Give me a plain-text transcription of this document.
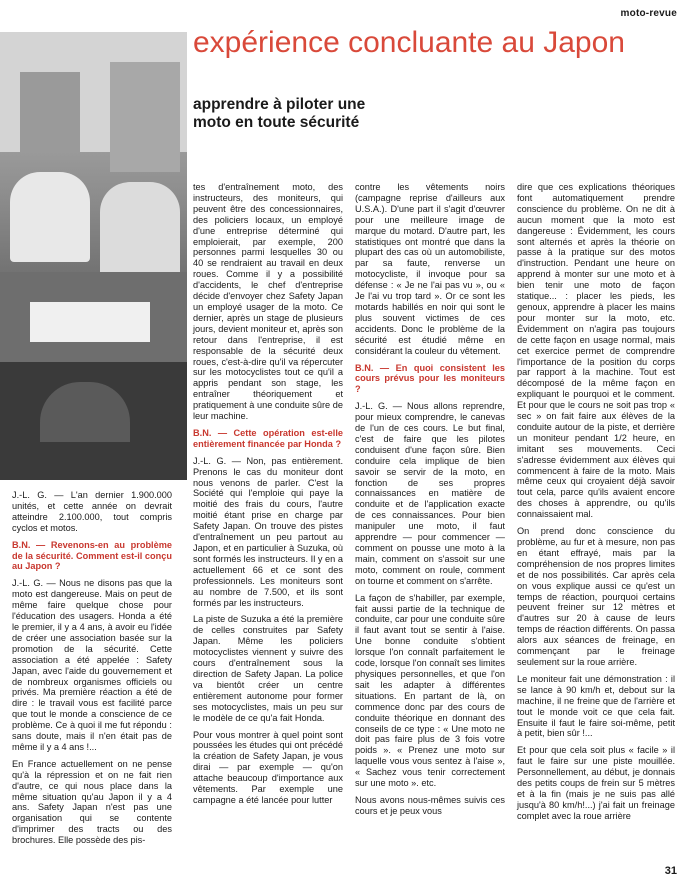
moto-revue
expérience concluante au Japon
apprendre à piloter une moto en toute sécurité

J.-L. G. — L'an dernier 1.900.000 unités, et cette année on devrait atteindre 2.100.000, tout compris cyclos et motos.

B.N. — Revenons-en au problème de la sécurité. Comment est-il conçu au Japon ?

J.-L. G. — Nous ne disons pas que la moto est dangereuse. Mais on peut de même faire quelque chose pour l'éducation des usagers. Honda a été le premier, il y a 4 ans, à avoir eu l'idée de créer une association basée sur la promotion de la sécurité. Cette association a été appelée : Safety Japan, avec l'aide du gouvernement et de nombreux organismes officiels ou privés. Ma première réaction a été de dire : le travail vous est facilité parce que tout le monde a conscience de ce problème. Ce à quoi il me fut répondu : sans doute, mais il n'en était pas de même il y a 4 ans !...

En France actuellement on ne pense qu'à la répression et on ne fait rien d'autre, ce qui nous place dans la même situation qu'au Japon il y a 4 ans. Safety Japan n'est pas une organisation qui se contente d'imprimer des tracts ou des brochures. Elle possède des pis-

tes d'entraînement moto, des instructeurs, des moniteurs, qui peuvent être des concessionnaires, des policiers locaux, un employé d'une entreprise déterminé qui emploierait, par exemple, 200 personnes parmi lesquelles 30 ou 40 se rendraient au travail en deux roues. Comme il y a possibilité d'accidents, le chef d'entreprise décide d'envoyer chez Safety Japan un employé usager de la moto. Ce dernier, après un stage de plusieurs jours, devient moniteur et, après son retour dans l'entreprise, il est responsable de la sécurité deux roues, c'est-à-dire qu'il va répercuter sur les motocyclistes tout ce qu'il a appris pendant son stage, les entraîner théoriquement et pratiquement à une conduite sûre de leur machine.

B.N. — Cette opération est-elle entièrement financée par Honda ?

J.-L. G. — Non, pas entièrement. Prenons le cas du moniteur dont nous venons de parler. C'est la Société qui l'emploie qui paye la moitié des frais du cours, l'autre moitié étant prise en charge par Safety Japan. On trouve des pistes d'entraînement un peu partout au Japon, et en particulier à Suzuka, où sont formés les instructeurs. Il y en a actuellement 66 et ce sont des professionnels. Les moniteurs sont au nombre de 7.500, et ils sont formés par les instructeurs.

La piste de Suzuka a été la première de celles construites par Safety Japan. Même les policiers motocyclistes viennent y suivre des cours d'entraînement sous la direction de Safety Japan. La police va bientôt créer un centre entièrement autonome pour former ses motocyclistes, mais un peu sur le modèle de ce qu'a fait Honda.

Pour vous montrer à quel point sont poussées les études qui ont précédé la création de Safety Japan, je vous dirai — par exemple — qu'on attache beaucoup d'importance aux vêtements. Par exemple une campagne a été lancée pour lutter

contre les vêtements noirs (campagne reprise d'ailleurs aux U.S.A.). D'une part il s'agit d'œuvrer pour une meilleure image de marque du motard. D'autre part, les statistiques ont montré que dans la plupart des cas où un automobiliste, par sa faute, renverse un motocycliste, il invoque pour sa défense : « Je ne l'ai pas vu », ou « Je l'ai vu trop tard ». Or ce sont les motards habillés en noir qui sont le plus souvent victimes de ces accidents. Donc le problème de la sécurité est étudié même en considérant la couleur du vêtement.

B.N. — En quoi consistent les cours prévus pour les moniteurs ?

J.-L. G. — Nous allons reprendre, pour mieux comprendre, le canevas de l'un de ces cours. Le but final, c'est de faire que les pilotes conduisent d'une façon sûre. Bien conduire cela implique de bien savoir se servir de la moto, en fonction de ses propres connaissances en matière de conduite et de l'application exacte de ces connaissances. Pour bien manipuler une moto, il faut apprendre — pour commencer — comment on pousse une moto à la main, comment on s'assoit sur une moto, comment on roule, comment on tourne et comment on s'arrête.

La façon de s'habiller, par exemple, fait aussi partie de la technique de conduite, car pour une conduite sûre il faut avant tout se sentir à l'aise. Une bonne conduite s'obtient lorsque l'on connaît parfaitement le code, lorsque l'on connaît ses limites physiques personnelles, et que l'on sait les adapter à différentes situations. En partant de là, on commence donc par des cours de conduite théorique en donnant des conseils de ce type : « Une moto ne doit pas faire plus de 3 fois votre poids ». « Prenez une moto sur laquelle vous vous sentez à l'aise », « Sachez vous tenir correctement sur une moto ». etc.

Nous avons nous-mêmes suivis ces cours et je peux vous

dire que ces explications théoriques font automatiquement prendre conscience du problème. On ne dit à aucun moment que la moto est dangereuse : Évidemment, les cours sont alternés et après la théorie on passe à la pratique sur des motos d'instruction. Pendant une heure on apprend à monter sur une moto et à bien tenir une moto de façon statique... : placer les pieds, les genoux, apprendre à placer les mains pour monter sur la moto, etc. Évidemment on n'agira pas toujours de cette façon en usage normal, mais cet exercice permet de comprendre l'importance de la position du corps par rapport à la machine. Tout est décomposé de la même façon en expliquant le pourquoi et le comment. Et pour que le cours ne soit pas trop « sec » on fait faire aux élèves de la conduite autour de la piste, et derrière un moniteur pendant 1/2 heure, en imitant ses mouvements. Ceci s'adresse évidemment aux élèves qui commencent à faire de la moto. Mais même ceux qui croyaient déjà savoir tout cela, parce qu'ils avaient encore des choses à apprendre, ou qu'ils connaissaient mal.

On prend donc conscience du problème, au fur et à mesure, non pas en étant effrayé, mais par la compréhension de nos propres limites et de nos possibilités. Car après cela on vous explique aussi ce qu'est un temps de réaction, pourquoi certains peuvent freiner sur 12 mètres et d'autres sur 20 à cause de leurs temps de réaction différents. On passa alors aux séances de freinage, en commençant par le freinage seulement sur la roue arrière.

Le moniteur fait une démonstration : il se lance à 90 km/h et, debout sur la machine, il ne freine que de l'arrière et tout le monde voit ce que cela fait. Ensuite il faut le faire soi-même, petit à petit, bien sûr !...

Et pour que cela soit plus « facile » il faut le faire sur une piste mouillée. Personnellement, au début, je donnais des petits coups de frein sur 5 mètres et à la fin (mais je ne suis pas allé jusqu'à 80 km/h!...) j'ai fait un freinage complet avec la roue arrière

31
